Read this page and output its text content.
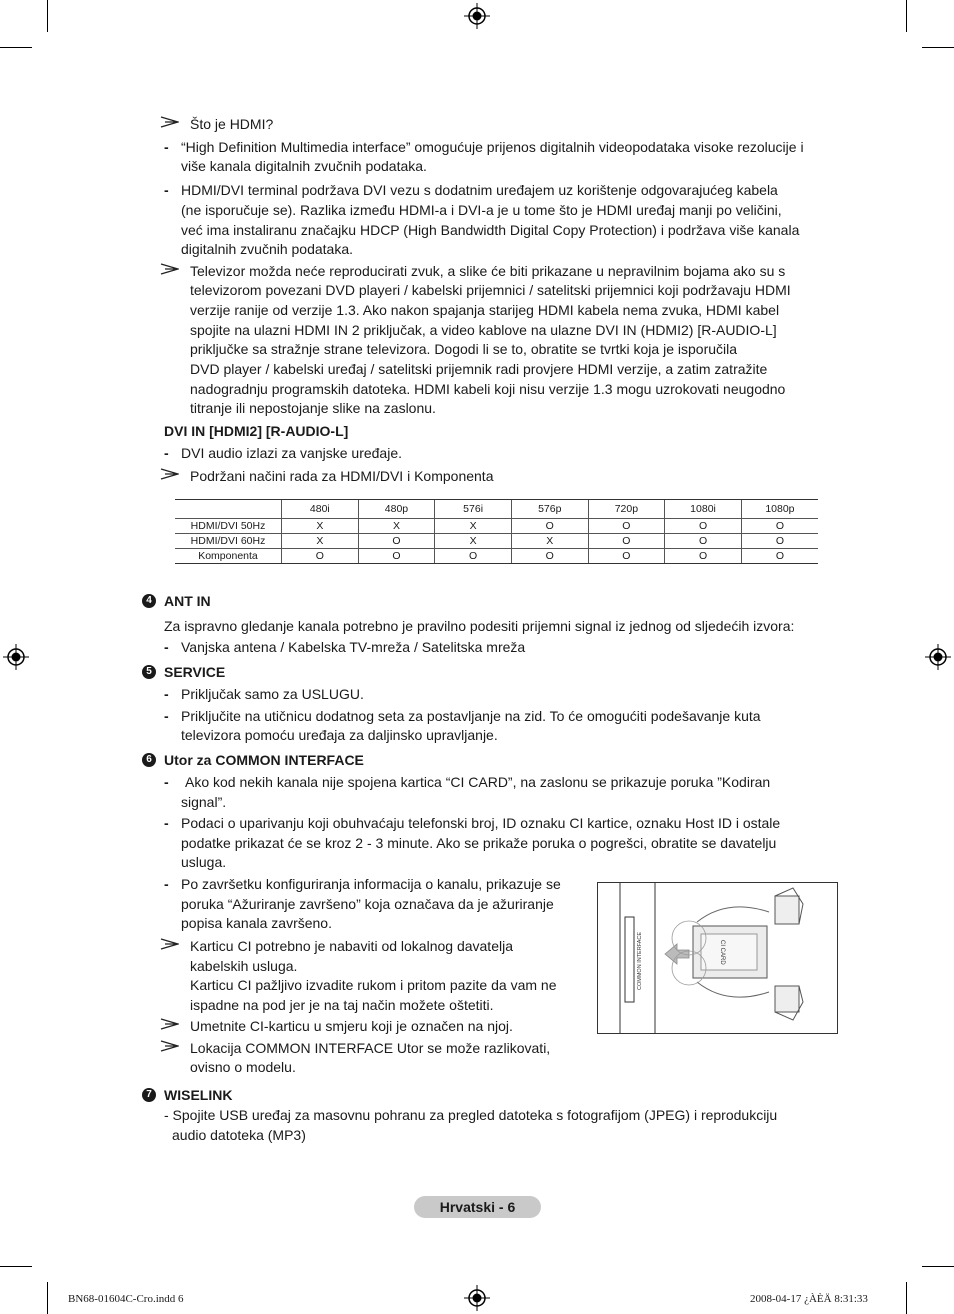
Što je HDMI?
- “High Definition Multimedia interface” omogućuje prijenos digitalnih videopodataka visoke rezolucije i
više kanala digitalnih zvučnih podataka.
- HDMI/DVI terminal podržava DVI vezu s dodatnim uređajem uz korištenje odgovarajućeg kabela
(ne isporučuje se). Razlika između HDMI-a i DVI-a je u tome što je HDMI uređaj manji po veličini,
već ima instaliranu značajku HDCP (High Bandwidth Digital Copy Protection) i podržava više kanala
digitalnih zvučnih podataka.
Televizor možda neće reproducirati zvuk, a slike će biti prikazane u nepravilnim bojama ako su s
televizorom povezani DVD playeri / kabelski prijemnici / satelitski prijemnici koji podržavaju HDMI
verzije ranije od verzije 1.3. Ako nakon spajanja starijeg HDMI kabela nema zvuka, HDMI kabel
spojite na ulazni HDMI IN 2 priključak, a video kablove na ulazne DVI IN (HDMI2) [R-AUDIO-L]
priključke sa stražnje strane televizora. Dogodi li se to, obratite se tvrtki koja je isporučila
DVD player / kabelski uređaj / satelitski prijemnik radi provjere HDMI verzije, a zatim zatražite
nadogradnju programskih datoteka. HDMI kabeli koji nisu verzije 1.3 mogu uzrokovati neugodno
titranje ili nepostojanje slike na zaslonu.
DVI IN [HDMI2] [R-AUDIO-L]
- DVI audio izlazi za vanjske uređaje.
Podržani načini rada za HDMI/DVI i Komponenta
	480i	480p	576i	576p	720p	1080i	1080p
HDMI/DVI 50Hz	X	X	X	O	O	O	O
HDMI/DVI 60Hz	X	O	X	X	O	O	O
Komponenta	O	O	O	O	O	O	O
4 ANT IN
Za ispravno gledanje kanala potrebno je pravilno podesiti prijemni signal iz jednog od sljedećih izvora:
- Vanjska antena / Kabelska TV-mreža / Satelitska mreža
5 SERVICE
- Priključak samo za USLUGU.
- Priključite na utičnicu dodatnog seta za postavljanje na zid. To će omogućiti podešavanje kuta
televizora pomoću uređaja za daljinsko upravljanje.
6 Utor za COMMON INTERFACE
- Ako kod nekih kanala nije spojena kartica “CI CARD”, na zaslonu se prikazuje poruka ”Kodiran
signal”.
- Podaci o uparivanju koji obuhvaćaju telefonski broj, ID oznaku CI kartice, oznaku Host ID i ostale
podatke prikazat će se kroz 2 - 3 minute. Ako se prikaže poruka o pogrešci, obratite se davatelju
usluga.
- Po završetku konfiguriranja informacija o kanalu, prikazuje se
poruka “Ažuriranje završeno” koja označava da je ažuriranje
popisa kanala završeno.
Karticu CI potrebno je nabaviti od lokalnog davatelja
kabelskih usluga.
Karticu CI pažljivo izvadite rukom i pritom pazite da vam ne
ispadne na pod jer je na taj način možete oštetiti.
Umetnite CI-karticu u smjeru koji je označen na njoj.
Lokacija COMMON INTERFACE Utor se može razlikovati,
ovisno o modelu.
COMMON INTERFACE	CI CARD
7 WISELINK
- Spojite USB uređaj za masovnu pohranu za pregled datoteka s fotografijom (JPEG) i reprodukciju
audio datoteka (MP3)
Hrvatski - 6
BN68-01604C-Cro.indd 6	2008-04-17 ¿ÀÈÄ 8:31:33
